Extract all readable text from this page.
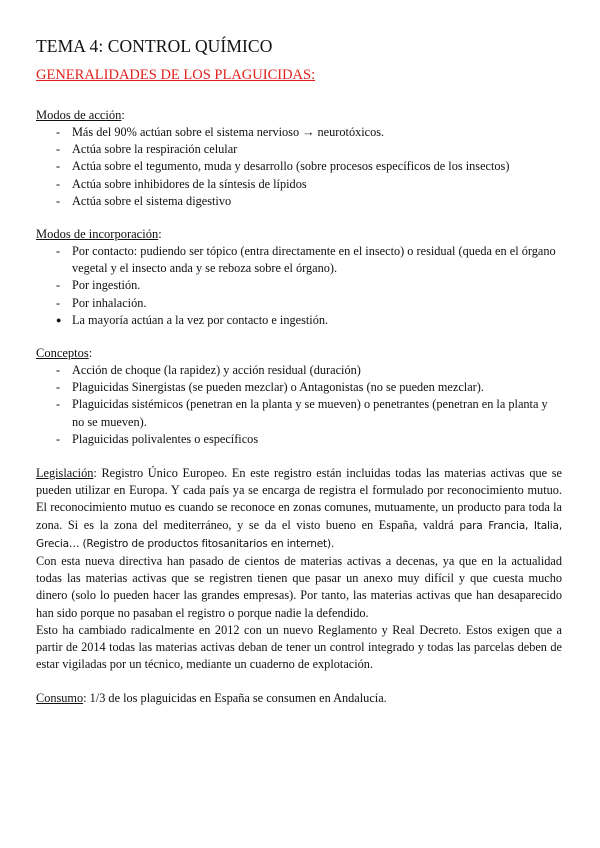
TEMA 4: CONTROL QUÍMICO
GENERALIDADES DE LOS PLAGUICIDAS:
Modos de acción:
- Más del 90% actúan sobre el sistema nervioso → neurotóxicos.
- Actúa sobre la respiración celular
- Actúa sobre el tegumento, muda y desarrollo (sobre procesos específicos de los insectos)
- Actúa sobre inhibidores de la síntesis de lípidos
- Actúa sobre el sistema digestivo
Modos de incorporación:
- Por contacto: pudiendo ser tópico (entra directamente en el insecto) o residual (queda en el órgano vegetal y el insecto anda y se reboza sobre el órgano).
- Por ingestión.
- Por inhalación.
● La mayoría actúan a la vez por contacto e ingestión.
Conceptos:
- Acción de choque (la rapidez) y acción residual (duración)
- Plaguicidas Sinergistas (se pueden mezclar) o Antagonistas (no se pueden mezclar).
- Plaguicidas sistémicos (penetran en la planta y se mueven) o penetrantes (penetran en la planta y no se mueven).
- Plaguicidas polivalentes o específicos

Legislación: Registro Único Europeo. En este registro están incluidas todas las materias activas que se pueden utilizar en Europa. Y cada país ya se encarga de registra el formulado por reconocimiento mutuo. El reconocimiento mutuo es cuando se reconoce en zonas comunes, mutuamente, un producto para toda la zona. Si es la zona del mediterráneo, y se da el visto bueno en España, valdrá para Francia, Italia, Grecia… (Registro de productos fitosanitarios en internet).

Con esta nueva directiva han pasado de cientos de materias activas a decenas, ya que en la actualidad todas las materias activas que se registren tienen que pasar un anexo muy difícil y que cuesta mucho dinero (solo lo pueden hacer las grandes empresas). Por tanto, las materias activas que han desaparecido han sido porque no pasaban el registro o porque nadie la defendido.

Esto ha cambiado radicalmente en 2012 con un nuevo Reglamento y Real Decreto. Estos exigen que a partir de 2014 todas las materias activas deban de tener un control integrado y todas las parcelas deben de estar vigiladas por un técnico, mediante un cuaderno de explotación.

Consumo: 1/3 de los plaguicidas en España se consumen en Andalucía.
